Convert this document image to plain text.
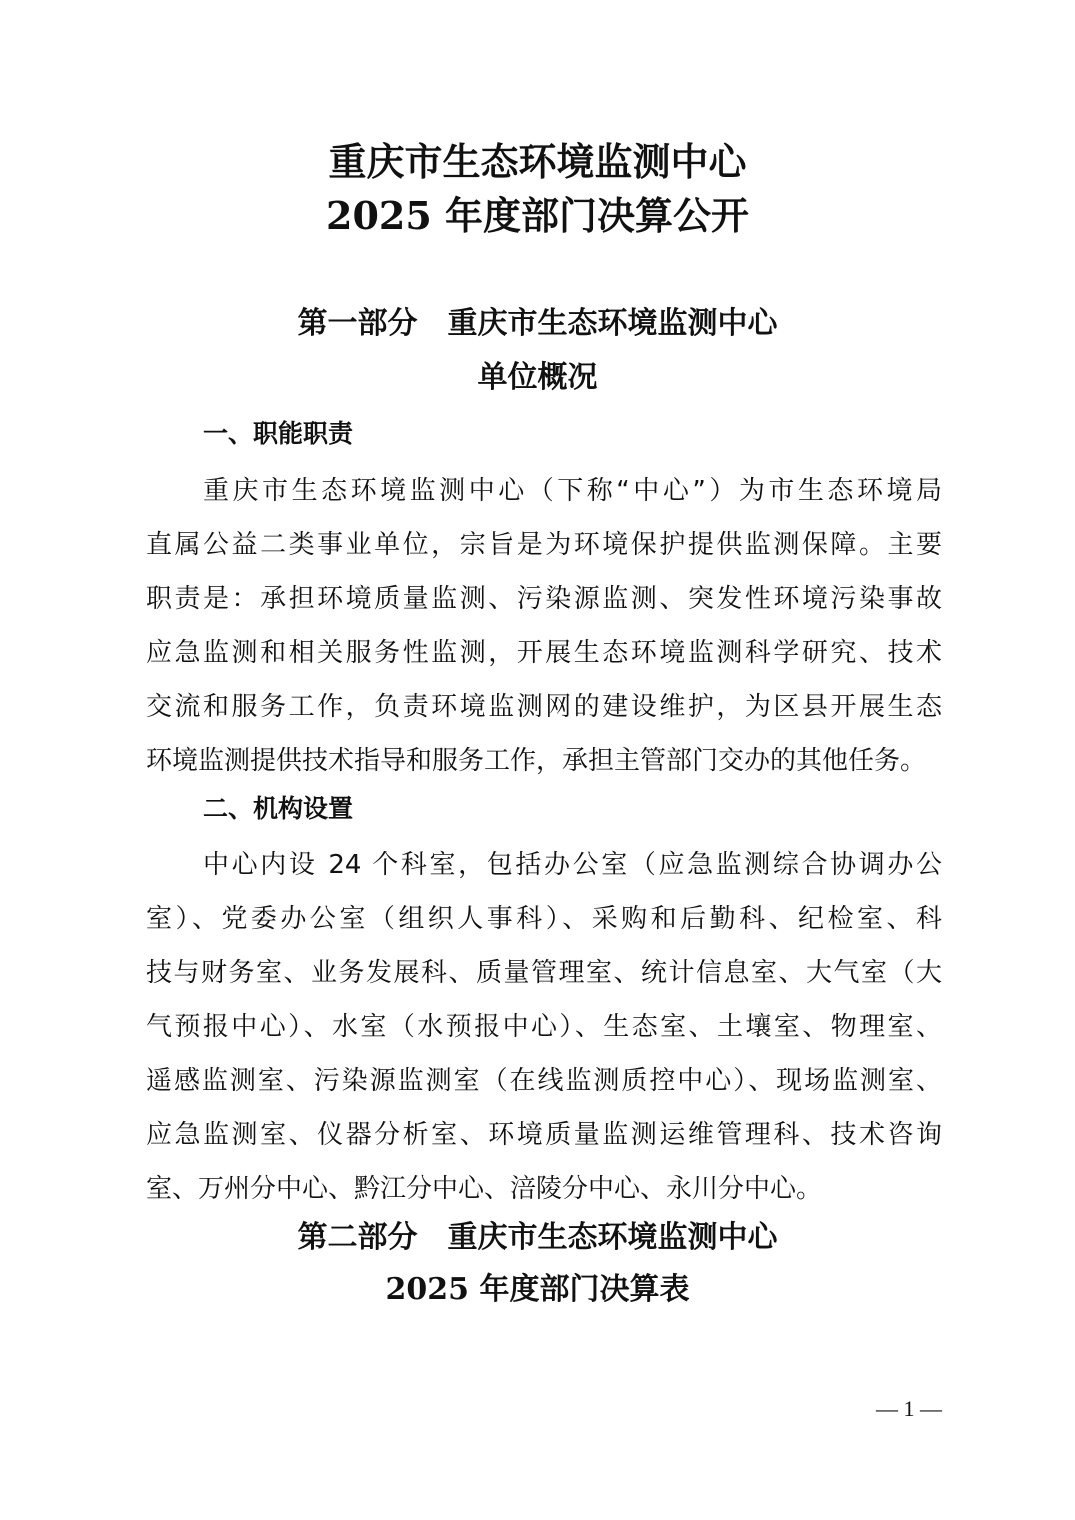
重庆市生态环境监测中心
2025 年度部门决算公开
第一部分　重庆市生态环境监测中心
单位概况
一、职能职责
重庆市生态环境监测中心（下称“中心”）为市生态环境局
直属公益二类事业单位，宗旨是为环境保护提供监测保障。主要
职责是：承担环境质量监测、污染源监测、突发性环境污染事故
应急监测和相关服务性监测，开展生态环境监测科学研究、技术
交流和服务工作，负责环境监测网的建设维护，为区县开展生态
环境监测提供技术指导和服务工作，承担主管部门交办的其他任务。
二、机构设置
中心内设 24 个科室，包括办公室（应急监测综合协调办公
室）、党委办公室（组织人事科）、采购和后勤科、纪检室、科
技与财务室、业务发展科、质量管理室、统计信息室、大气室（大
气预报中心）、水室（水预报中心）、生态室、土壤室、物理室、
遥感监测室、污染源监测室（在线监测质控中心）、现场监测室、
应急监测室、仪器分析室、环境质量监测运维管理科、技术咨询
室、万州分中心、黔江分中心、涪陵分中心、永川分中心。
第二部分　重庆市生态环境监测中心
2025 年度部门决算表
— 1 —
